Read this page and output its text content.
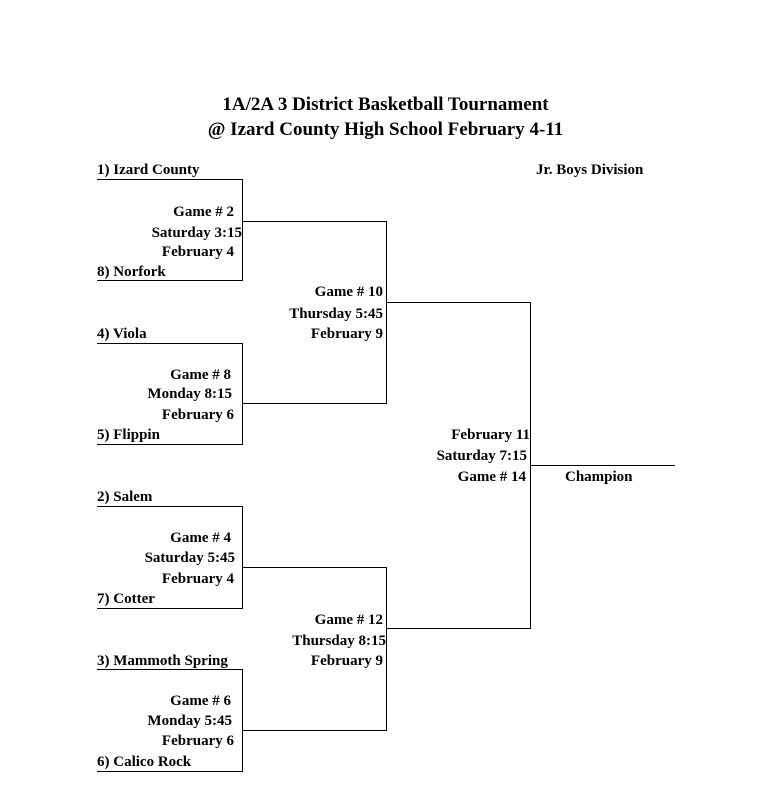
1A/2A 3 District Basketball Tournament
@ Izard County High School February 4-11
Jr. Boys Division
1) Izard County
8) Norfork
4) Viola
5) Flippin
2) Salem
7) Cotter
3) Mammoth Spring
6) Calico Rock
Game # 2
Saturday 3:15
February 4
Game # 8
Monday 8:15
February 6
Game # 4
Saturday 5:45
February 4
Game # 6
Monday 5:45
February 6
Game # 10
Thursday 5:45
February 9
Game # 12
Thursday 8:15
February 9
February 11
Saturday 7:15
Game # 14	Champion
